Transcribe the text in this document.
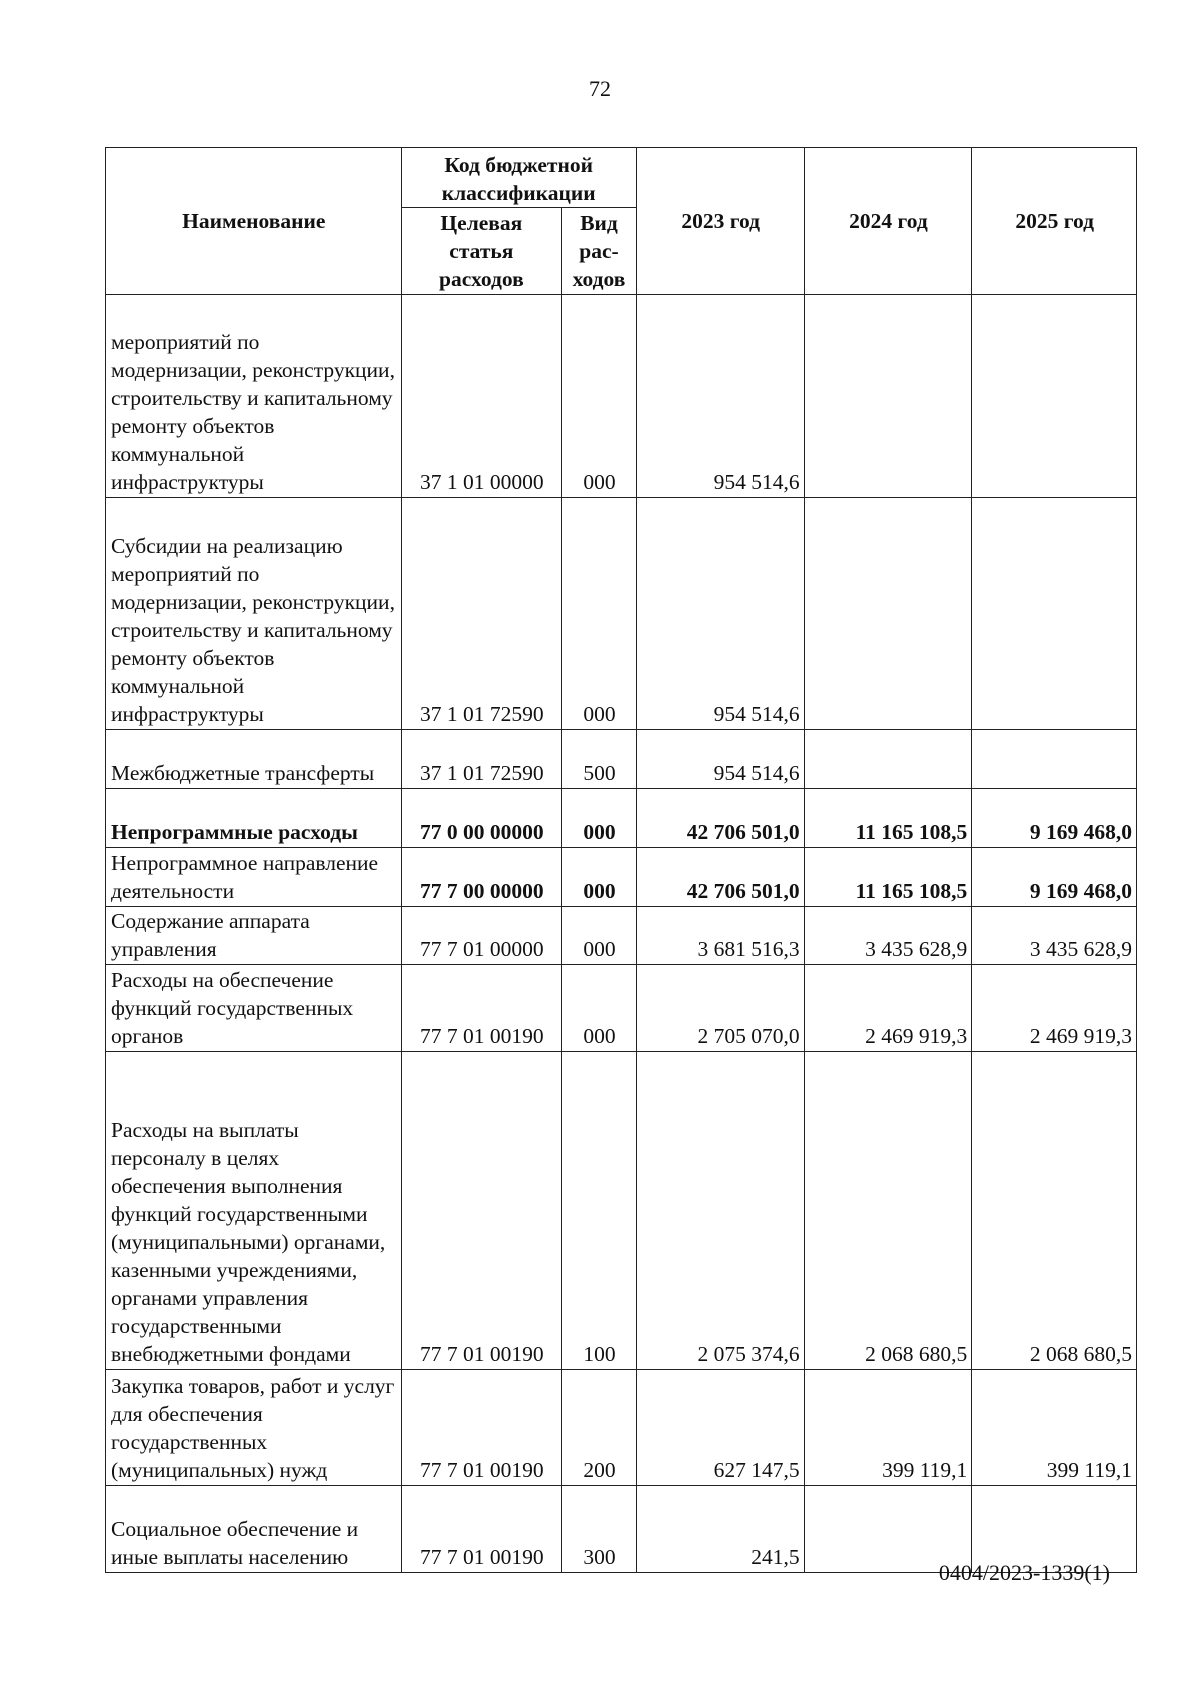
72
Наименование	Код бюджетной классификации		2023 год	2024 год	2025 год
	Целевая статья расходов	Вид рас- ходов			
мероприятий по модернизации, реконструкции, строительству и капитальному ремонту объектов коммунальной инфраструктуры	37 1 01 00000	000	954 514,6		
Субсидии на реализацию мероприятий по модернизации, реконструкции, строительству и капитальному ремонту объектов коммунальной инфраструктуры	37 1 01 72590	000	954 514,6		
Межбюджетные трансферты	37 1 01 72590	500	954 514,6		
Непрограммные расходы	77 0 00 00000	000	42 706 501,0	11 165 108,5	9 169 468,0
Непрограммное направление деятельности	77 7 00 00000	000	42 706 501,0	11 165 108,5	9 169 468,0
Содержание аппарата управления	77 7 01 00000	000	3 681 516,3	3 435 628,9	3 435 628,9
Расходы на обеспечение функций государственных органов	77 7 01 00190	000	2 705 070,0	2 469 919,3	2 469 919,3
Расходы на выплаты персоналу в целях обеспечения выполнения функций государственными (муниципальными) органами, казенными учреждениями, органами управления государственными внебюджетными фондами	77 7 01 00190	100	2 075 374,6	2 068 680,5	2 068 680,5
Закупка товаров, работ и услуг для обеспечения государственных (муниципальных) нужд	77 7 01 00190	200	627 147,5	399 119,1	399 119,1
Социальное обеспечение и иные выплаты населению	77 7 01 00190	300	241,5		
0404/2023-1339(1)
